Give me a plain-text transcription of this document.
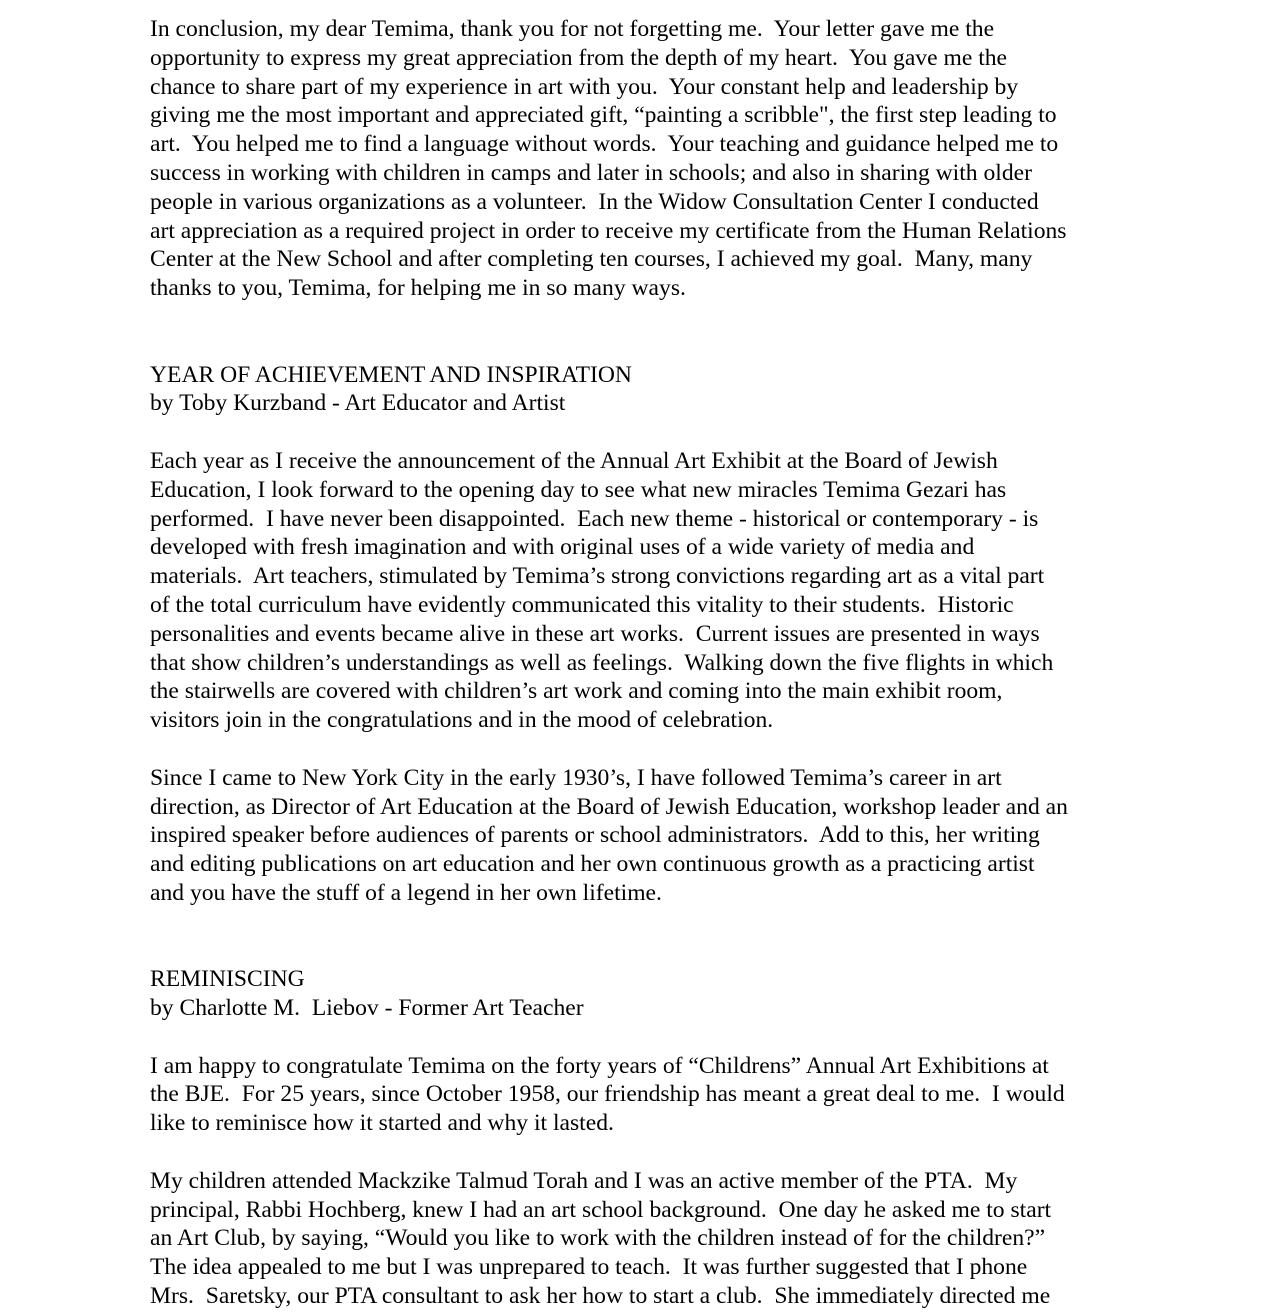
In conclusion, my dear Temima, thank you for not forgetting me.  Your letter gave me the
opportunity to express my great appreciation from the depth of my heart.  You gave me the
chance to share part of my experience in art with you.  Your constant help and leadership by
giving me the most important and appreciated gift, “painting a scribble", the first step leading to
art.  You helped me to find a language without words.  Your teaching and guidance helped me to
success in working with children in camps and later in schools; and also in sharing with older
people in various organizations as a volunteer.  In the Widow Consultation Center I conducted
art appreciation as a required project in order to receive my certificate from the Human Relations
Center at the New School and after completing ten courses, I achieved my goal.  Many, many
thanks to you, Temima, for helping me in so many ways.
YEAR OF ACHIEVEMENT AND INSPIRATION
by Toby Kurzband - Art Educator and Artist
Each year as I receive the announcement of the Annual Art Exhibit at the Board of Jewish
Education, I look forward to the opening day to see what new miracles Temima Gezari has
performed.  I have never been disappointed.  Each new theme - historical or contemporary - is
developed with fresh imagination and with original uses of a wide variety of media and
materials.  Art teachers, stimulated by Temima’s strong convictions regarding art as a vital part
of the total curriculum have evidently communicated this vitality to their students.  Historic
personalities and events became alive in these art works.  Current issues are presented in ways
that show children’s understandings as well as feelings.  Walking down the five flights in which
the stairwells are covered with children’s art work and coming into the main exhibit room,
visitors join in the congratulations and in the mood of celebration.
Since I came to New York City in the early 1930’s, I have followed Temima’s career in art
direction, as Director of Art Education at the Board of Jewish Education, workshop leader and an
inspired speaker before audiences of parents or school administrators.  Add to this, her writing
and editing publications on art education and her own continuous growth as a practicing artist
and you have the stuff of a legend in her own lifetime.
REMINISCING
by Charlotte M.  Liebov - Former Art Teacher
I am happy to congratulate Temima on the forty years of “Childrens” Annual Art Exhibitions at
the BJE.  For 25 years, since October 1958, our friendship has meant a great deal to me.  I would
like to reminisce how it started and why it lasted.
My children attended Mackzike Talmud Torah and I was an active member of the PTA.  My
principal, Rabbi Hochberg, knew I had an art school background.  One day he asked me to start
an Art Club, by saying, “Would you like to work with the children instead of for the children?”
The idea appealed to me but I was unprepared to teach.  It was further suggested that I phone
Mrs.  Saretsky, our PTA consultant to ask her how to start a club.  She immediately directed me
